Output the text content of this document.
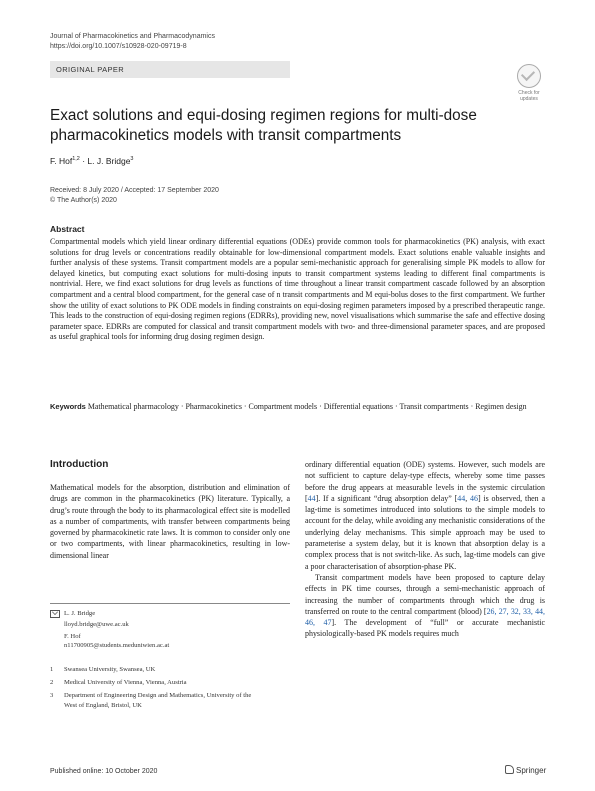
Journal of Pharmacokinetics and Pharmacodynamics
https://doi.org/10.1007/s10928-020-09719-8
ORIGINAL PAPER
Check for
updates
Exact solutions and equi-dosing regimen regions for multi-dose
pharmacokinetics models with transit compartments
F. Hof$^{1,2}$ · L. J. Bridge$^3$
Received: 8 July 2020 / Accepted: 17 September 2020
© The Author(s) 2020
Abstract
Compartmental models which yield linear ordinary differential equations (ODEs) provide common tools for pharmacokinetics (PK) analysis, with exact solutions for drug levels or concentrations readily obtainable for low-dimensional compartment models. Exact solutions enable valuable insights and further analysis of these systems. Transit compartment models are a popular semi-mechanistic approach for generalising simple PK models to allow for delayed kinetics, but computing exact solutions for multi-dosing inputs to transit compartment systems leading to different final compartments is nontrivial. Here, we find exact solutions for drug levels as functions of time throughout a linear transit compartment cascade followed by an absorption compartment and a central blood compartment, for the general case of n transit compartments and M equi-bolus doses to the first compartment. We further show the utility of exact solutions to PK ODE models in finding constraints on equi-dosing regimen parameters imposed by a prescribed therapeutic range. This leads to the construction of equi-dosing regimen regions (EDRRs), providing new, novel visualisations which summarise the safe and effective dosing parameter space. EDRRs are computed for classical and transit compartment models with two- and three-dimensional parameter spaces, and are proposed as useful graphical tools for informing drug dosing regimen design.
Keywords Mathematical pharmacology · Pharmacokinetics · Compartment models · Differential equations · Transit compartments · Regimen design
Introduction

Mathematical models for the absorption, distribution and elimination of drugs are common in the pharmacokinetics (PK) literature. Typically, a drug’s route through the body to its pharmacological effect site is modelled as a number of compartments, with transfer between compartments being governed by pharmacokinetic rate laws. It is common to consider only one or two compartments, with linear pharmacokinetics, resulting in low-dimensional linear

L. J. Bridge
lloyd.bridge@uwe.ac.uk
F. Hof
n11700905@students.meduniwien.ac.at
1	Swansea University, Swansea, UK
2	Medical University of Vienna, Vienna, Austria
3	Department of Engineering Design and Mathematics, University of the West of England, Bristol, UK

ordinary differential equation (ODE) systems. However, such models are not sufficient to capture delay-type effects, whereby some time passes before the drug appears at measurable levels in the systemic circulation [44]. If a significant “drug absorption delay” [44, 46] is observed, then a lag-time is sometimes introduced into solutions to the simple models to account for the delay, while avoiding any mechanistic considerations of the underlying delay mechanisms. This simple approach may be used to parameterise a system delay, but it is known that absorption delay is a complex process that is not switch-like. As such, lag-time models can give a poor characterisation of absorption-phase PK.

Transit compartment models have been proposed to capture delay effects in PK time courses, through a semi-mechanistic approach of increasing the number of compartments through which the drug is transferred on route to the central compartment (blood) [26, 27, 32, 33, 44, 46, 47]. The development of “full” or accurate mechanistic physiologically-based PK models requires much

Published online: 10 October 2020	Springer
